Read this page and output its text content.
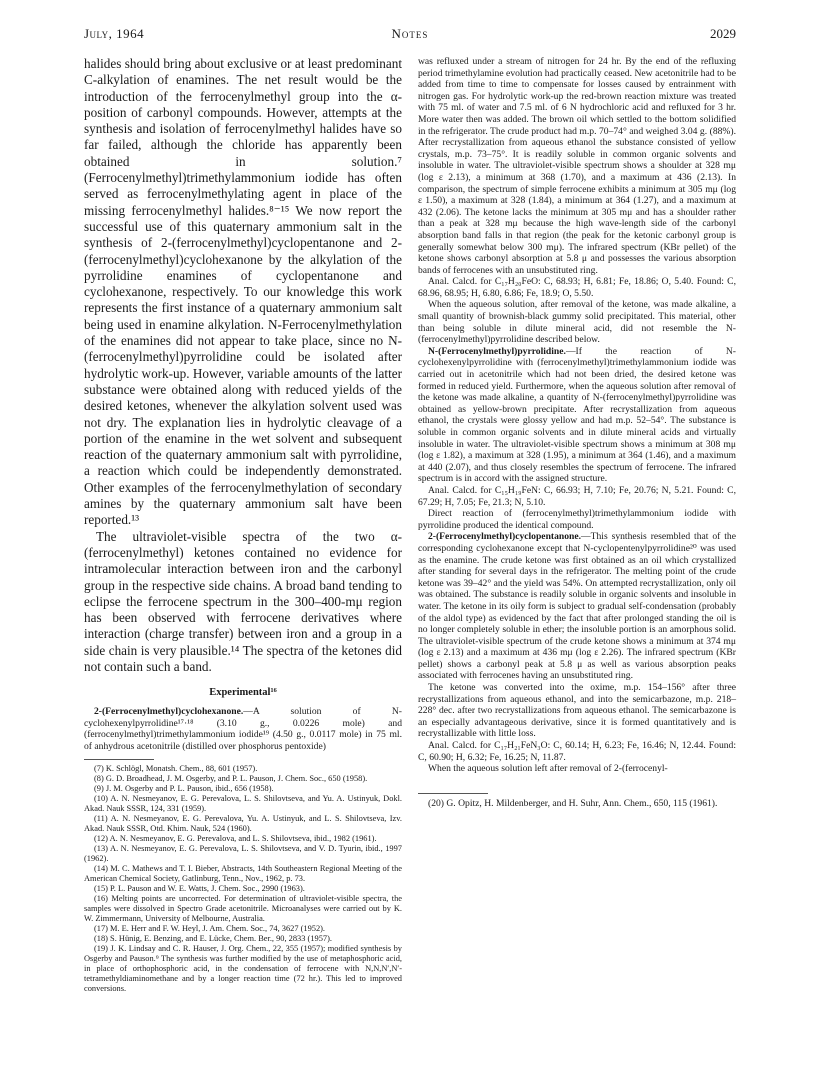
July, 1964	Notes	2029

halides should bring about exclusive or at least predominant C-alkylation of enamines. The net result would be the introduction of the ferrocenylmethyl group into the α-position of carbonyl compounds. However, attempts at the synthesis and isolation of ferrocenylmethyl halides have so far failed, although the chloride has apparently been obtained in solution.⁷ (Ferrocenylmethyl)trimethylammonium iodide has often served as ferrocenylmethylating agent in place of the missing ferrocenylmethyl halides.⁸⁻¹⁵ We now report the successful use of this quaternary ammonium salt in the synthesis of 2-(ferrocenylmethyl)cyclopentanone and 2-(ferrocenylmethyl)cyclohexanone by the alkylation of the pyrrolidine enamines of cyclopentanone and cyclohexanone, respectively. To our knowledge this work represents the first instance of a quaternary ammonium salt being used in enamine alkylation. N-Ferrocenylmethylation of the enamines did not appear to take place, since no N-(ferrocenylmethyl)pyrrolidine could be isolated after hydrolytic work-up. However, variable amounts of the latter substance were obtained along with reduced yields of the desired ketones, whenever the alkylation solvent used was not dry. The explanation lies in hydrolytic cleavage of a portion of the enamine in the wet solvent and subsequent reaction of the quaternary ammonium salt with pyrrolidine, a reaction which could be independently demonstrated. Other examples of the ferrocenylmethylation of secondary amines by the quaternary ammonium salt have been reported.¹³

The ultraviolet-visible spectra of the two α-(ferrocenylmethyl) ketones contained no evidence for intramolecular interaction between iron and the carbonyl group in the respective side chains. A broad band tending to eclipse the ferrocene spectrum in the 300–400-mμ region has been observed with ferrocene derivatives where interaction (charge transfer) between iron and a group in a side chain is very plausible.¹⁴ The spectra of the ketones did not contain such a band.

Experimental¹⁶

2-(Ferrocenylmethyl)cyclohexanone.—A solution of N-cyclohexenylpyrrolidine¹⁷·¹⁸ (3.10 g., 0.0226 mole) and (ferrocenylmethyl)trimethylammonium iodide¹⁹ (4.50 g., 0.0117 mole) in 75 ml. of anhydrous acetonitrile (distilled over phosphorus pentoxide)

(7) K. Schlögl, Monatsh. Chem., 88, 601 (1957).

(8) G. D. Broadhead, J. M. Osgerby, and P. L. Pauson, J. Chem. Soc., 650 (1958).

(9) J. M. Osgerby and P. L. Pauson, ibid., 656 (1958).

(10) A. N. Nesmeyanov, E. G. Perevalova, L. S. Shilovtseva, and Yu. A. Ustinyuk, Dokl. Akad. Nauk SSSR, 124, 331 (1959).

(11) A. N. Nesmeyanov, E. G. Perevalova, Yu. A. Ustinyuk, and L. S. Shilovtseva, Izv. Akad. Nauk SSSR, Otd. Khim. Nauk, 524 (1960).

(12) A. N. Nesmeyanov, E. G. Perevalova, and L. S. Shilovtseva, ibid., 1982 (1961).

(13) A. N. Nesmeyanov, E. G. Perevalova, L. S. Shilovtseva, and V. D. Tyurin, ibid., 1997 (1962).

(14) M. C. Mathews and T. I. Bieber, Abstracts, 14th Southeastern Regional Meeting of the American Chemical Society, Gatlinburg, Tenn., Nov., 1962, p. 73.

(15) P. L. Pauson and W. E. Watts, J. Chem. Soc., 2990 (1963).

(16) Melting points are uncorrected. For determination of ultraviolet-visible spectra, the samples were dissolved in Spectro Grade acetonitrile. Microanalyses were carried out by K. W. Zimmermann, University of Melbourne, Australia.

(17) M. E. Herr and F. W. Heyl, J. Am. Chem. Soc., 74, 3627 (1952).

(18) S. Hünig, E. Benzing, and E. Lücke, Chem. Ber., 90, 2833 (1957).

(19) J. K. Lindsay and C. R. Hauser, J. Org. Chem., 22, 355 (1957); modified synthesis by Osgerby and Pauson.⁹ The synthesis was further modified by the use of metaphosphoric acid, in place of orthophosphoric acid, in the condensation of ferrocene with N,N,N′,N′-tetramethyldiaminomethane and by a longer reaction time (72 hr.). This led to improved conversions.

was refluxed under a stream of nitrogen for 24 hr. By the end of the refluxing period trimethylamine evolution had practically ceased. New acetonitrile had to be added from time to time to compensate for losses caused by entrainment with nitrogen gas. For hydrolytic work-up the red-brown reaction mixture was treated with 75 ml. of water and 7.5 ml. of 6 N hydrochloric acid and refluxed for 3 hr. More water then was added. The brown oil which settled to the bottom solidified in the refrigerator. The crude product had m.p. 70–74° and weighed 3.04 g. (88%). After recrystallization from aqueous ethanol the substance consisted of yellow crystals, m.p. 73–75°. It is readily soluble in common organic solvents and insoluble in water. The ultraviolet-visible spectrum shows a shoulder at 328 mμ (log ε 2.13), a minimum at 368 (1.70), and a maximum at 436 (2.13). In comparison, the spectrum of simple ferrocene exhibits a minimum at 305 mμ (log ε 1.50), a maximum at 328 (1.84), a minimum at 364 (1.27), and a maximum at 432 (2.06). The ketone lacks the minimum at 305 mμ and has a shoulder rather than a peak at 328 mμ because the high wave-length side of the carbonyl absorption band falls in that region (the peak for the ketonic carbonyl group is generally somewhat below 300 mμ). The infrared spectrum (KBr pellet) of the ketone shows carbonyl absorption at 5.8 μ and possesses the various absorption bands of ferrocenes with an unsubstituted ring.

Anal. Calcd. for C₁₇H₂₀FeO: C, 68.93; H, 6.81; Fe, 18.86; O, 5.40. Found: C, 68.96, 68.95; H, 6.80, 6.86; Fe, 18.9; O, 5.50.

When the aqueous solution, after removal of the ketone, was made alkaline, a small quantity of brownish-black gummy solid precipitated. This material, other than being soluble in dilute mineral acid, did not resemble the N-(ferrocenylmethyl)pyrrolidine described below.

N-(Ferrocenylmethyl)pyrrolidine.—If the reaction of N-cyclohexenylpyrrolidine with (ferrocenylmethyl)trimethylammonium iodide was carried out in acetonitrile which had not been dried, the desired ketone was formed in reduced yield. Furthermore, when the aqueous solution after removal of the ketone was made alkaline, a quantity of N-(ferrocenylmethyl)pyrrolidine was obtained as yellow-brown precipitate. After recrystallization from aqueous ethanol, the crystals were glossy yellow and had m.p. 52–54°. The substance is soluble in common organic solvents and in dilute mineral acids and virtually insoluble in water. The ultraviolet-visible spectrum shows a minimum at 308 mμ (log ε 1.82), a maximum at 328 (1.95), a minimum at 364 (1.46), and a maximum at 440 (2.07), and thus closely resembles the spectrum of ferrocene. The infrared spectrum is in accord with the assigned structure.

Anal. Calcd. for C₁₅H₁₉FeN: C, 66.93; H, 7.10; Fe, 20.76; N, 5.21. Found: C, 67.29; H, 7.05; Fe, 21.3; N, 5.10.

Direct reaction of (ferrocenylmethyl)trimethylammonium iodide with pyrrolidine produced the identical compound.

2-(Ferrocenylmethyl)cyclopentanone.—This synthesis resembled that of the corresponding cyclohexanone except that N-cyclopentenylpyrrolidine²⁰ was used as the enamine. The crude ketone was first obtained as an oil which crystallized after standing for several days in the refrigerator. The melting point of the crude ketone was 39–42° and the yield was 54%. On attempted recrystallization, only oil was obtained. The substance is readily soluble in organic solvents and insoluble in water. The ketone in its oily form is subject to gradual self-condensation (probably of the aldol type) as evidenced by the fact that after prolonged standing the oil is no longer completely soluble in ether; the insoluble portion is an amorphous solid. The ultraviolet-visible spectrum of the crude ketone shows a minimum at 374 mμ (log ε 2.13) and a maximum at 436 mμ (log ε 2.26). The infrared spectrum (KBr pellet) shows a carbonyl peak at 5.8 μ as well as various absorption peaks associated with ferrocenes having an unsubstituted ring.

The ketone was converted into the oxime, m.p. 154–156° after three recrystallizations from aqueous ethanol, and into the semicarbazone, m.p. 218–228° dec. after two recrystallizations from aqueous ethanol. The semicarbazone is an especially advantageous derivative, since it is formed quantitatively and is recrystallizable with little loss.

Anal. Calcd. for C₁₇H₂₁FeN₃O: C, 60.14; H, 6.23; Fe, 16.46; N, 12.44. Found: C, 60.90; H, 6.32; Fe, 16.25; N, 11.87.

When the aqueous solution left after removal of 2-(ferrocenyl-

(20) G. Opitz, H. Mildenberger, and H. Suhr, Ann. Chem., 650, 115 (1961).
